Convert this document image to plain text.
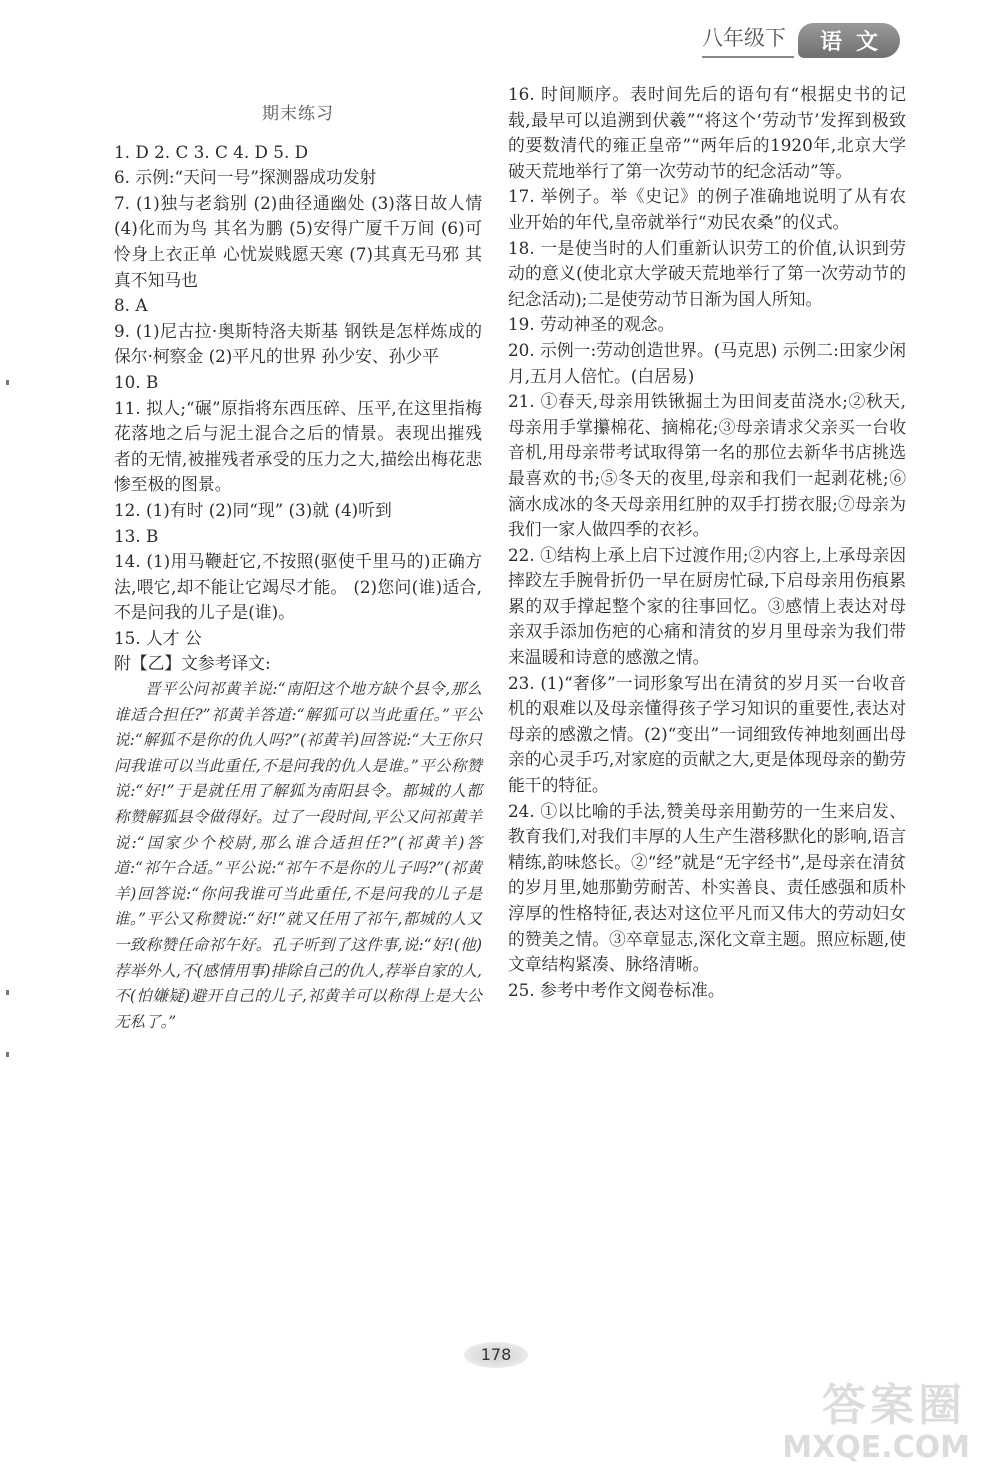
八年级下	语文
期末练习

1. D 2. C 3. C 4. D 5. D

6. 示例:“天问一号”探测器成功发射

7. (1)独与老翁别 (2)曲径通幽处 (3)落日故人情 (4)化而为鸟 其名为鹏 (5)安得广厦千万间 (6)可怜身上衣正单 心忧炭贱愿天寒 (7)其真无马邪 其真不知马也

8. A

9. (1)尼古拉·奥斯特洛夫斯基 钢铁是怎样炼成的 保尔·柯察金 (2)平凡的世界 孙少安、孙少平

10. B

11. 拟人;“碾”原指将东西压碎、压平,在这里指梅花落地之后与泥土混合之后的情景。表现出摧残者的无情,被摧残者承受的压力之大,描绘出梅花悲惨至极的图景。

12. (1)有时 (2)同“现” (3)就 (4)听到

13. B

14. (1)用马鞭赶它,不按照(驱使千里马的)正确方法,喂它,却不能让它竭尽才能。 (2)您问(谁)适合,不是问我的儿子是(谁)。

15. 人才 公

附【乙】文参考译文:

晋平公问祁黄羊说:“南阳这个地方缺个县令,那么谁适合担任?”祁黄羊答道:“解狐可以当此重任。”平公说:“解狐不是你的仇人吗?”(祁黄羊)回答说:“大王你只问我谁可以当此重任,不是问我的仇人是谁。”平公称赞说:“好!”于是就任用了解狐为南阳县令。都城的人都称赞解狐县令做得好。过了一段时间,平公又问祁黄羊说:“国家少个校尉,那么谁合适担任?”(祁黄羊)答道:“祁午合适。”平公说:“祁午不是你的儿子吗?”(祁黄羊)回答说:“你问我谁可当此重任,不是问我的儿子是谁。”平公又称赞说:“好!”就又任用了祁午,都城的人又一致称赞任命祁午好。孔子听到了这件事,说:“好!(他)荐举外人,不(感情用事)排除自己的仇人,荐举自家的人,不(怕嫌疑)避开自己的儿子,祁黄羊可以称得上是大公无私了。”

16. 时间顺序。表时间先后的语句有“根据史书的记载,最早可以追溯到伏羲”“将这个‘劳动节’发挥到极致的要数清代的雍正皇帝”“两年后的1920年,北京大学破天荒地举行了第一次劳动节的纪念活动”等。

17. 举例子。举《史记》的例子准确地说明了从有农业开始的年代,皇帝就举行“劝民农桑”的仪式。

18. 一是使当时的人们重新认识劳工的价值,认识到劳动的意义(使北京大学破天荒地举行了第一次劳动节的纪念活动);二是使劳动节日渐为国人所知。

19. 劳动神圣的观念。

20. 示例一:劳动创造世界。(马克思) 示例二:田家少闲月,五月人倍忙。(白居易)

21. ①春天,母亲用铁锹掘土为田间麦苗浇水;②秋天,母亲用手掌攥棉花、摘棉花;③母亲请求父亲买一台收音机,用母亲带考试取得第一名的那位去新华书店挑选最喜欢的书;⑤冬天的夜里,母亲和我们一起剥花桃;⑥滴水成冰的冬天母亲用红肿的双手打捞衣服;⑦母亲为我们一家人做四季的衣衫。

22. ①结构上承上启下过渡作用;②内容上,上承母亲因摔跤左手腕骨折仍一早在厨房忙碌,下启母亲用伤痕累累的双手撑起整个家的往事回忆。③感情上表达对母亲双手添加伤疤的心痛和清贫的岁月里母亲为我们带来温暖和诗意的感激之情。

23. (1)“奢侈”一词形象写出在清贫的岁月买一台收音机的艰难以及母亲懂得孩子学习知识的重要性,表达对母亲的感激之情。(2)“变出”一词细致传神地刻画出母亲的心灵手巧,对家庭的贡献之大,更是体现母亲的勤劳能干的特征。

24. ①以比喻的手法,赞美母亲用勤劳的一生来启发、教育我们,对我们丰厚的人生产生潜移默化的影响,语言精练,韵味悠长。②“经”就是“无字经书”,是母亲在清贫的岁月里,她那勤劳耐苦、朴实善良、责任感强和质朴淳厚的性格特征,表达对这位平凡而又伟大的劳动妇女的赞美之情。③卒章显志,深化文章主题。照应标题,使文章结构紧凑、脉络清晰。

25. 参考中考作文阅卷标准。

178
答案圈
MXQE.COM
